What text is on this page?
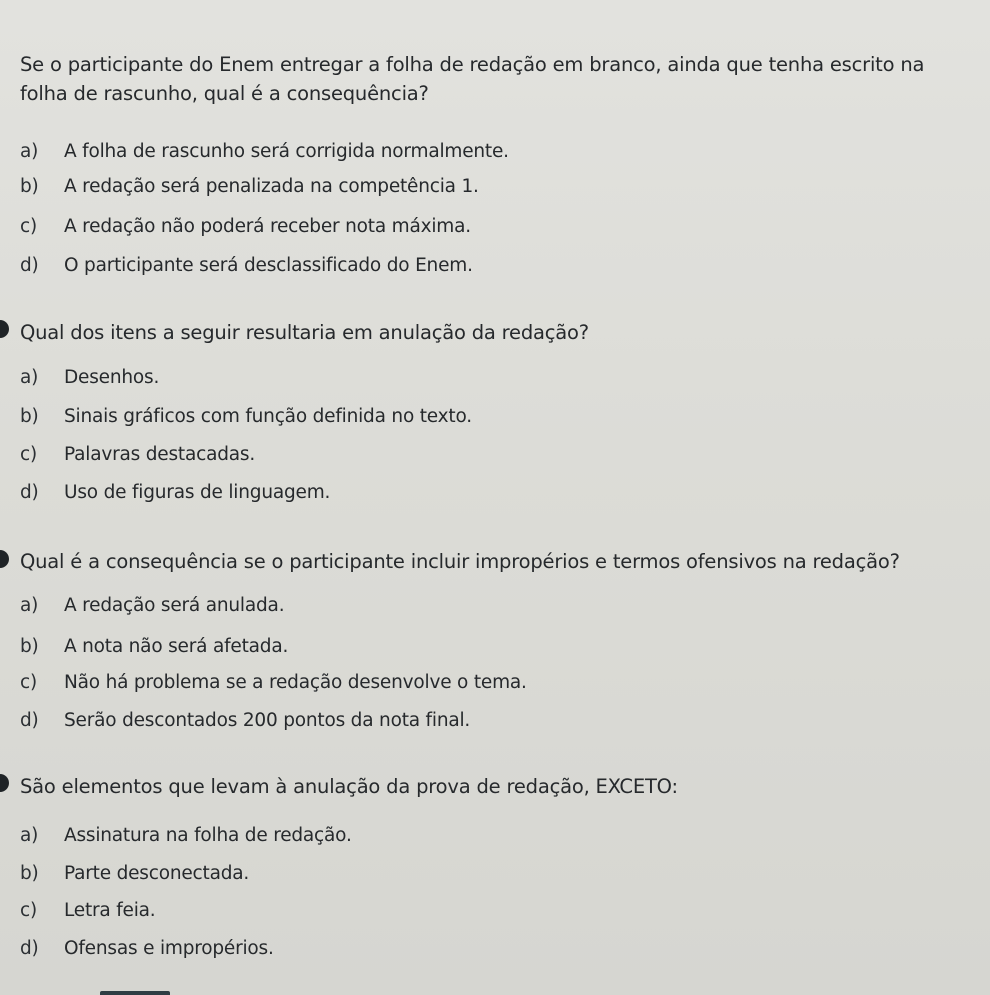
Se o participante do Enem entregar a folha de redação em branco, ainda que tenha escrito na folha de rascunho, qual é a consequência?
a) A folha de rascunho será corrigida normalmente.
b) A redação será penalizada na competência 1.
c) A redação não poderá receber nota máxima.
d) O participante será desclassificado do Enem.
Qual dos itens a seguir resultaria em anulação da redação?
a) Desenhos.
b) Sinais gráficos com função definida no texto.
c) Palavras destacadas.
d) Uso de figuras de linguagem.
Qual é a consequência se o participante incluir impropérios e termos ofensivos na redação?
a) A redação será anulada.
b) A nota não será afetada.
c) Não há problema se a redação desenvolve o tema.
d) Serão descontados 200 pontos da nota final.
São elementos que levam à anulação da prova de redação, EXCETO:
a) Assinatura na folha de redação.
b) Parte desconectada.
c) Letra feia.
d) Ofensas e impropérios.
